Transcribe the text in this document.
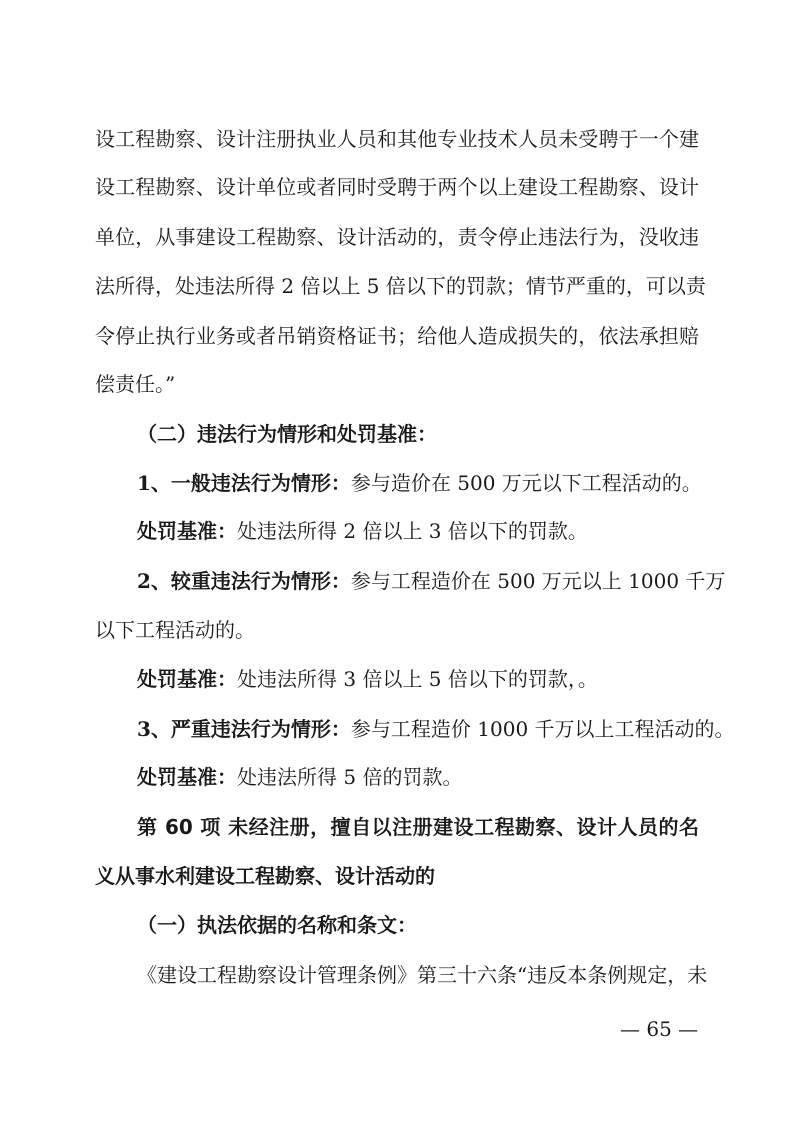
设工程勘察、设计注册执业人员和其他专业技术人员未受聘于一个建
设工程勘察、设计单位或者同时受聘于两个以上建设工程勘察、设计
单位，从事建设工程勘察、设计活动的，责令停止违法行为，没收违
法所得，处违法所得 2 倍以上 5 倍以下的罚款；情节严重的，可以责
令停止执行业务或者吊销资格证书；给他人造成损失的，依法承担赔
偿责任。”
（二）违法行为情形和处罚基准：
1、一般违法行为情形：参与造价在 500 万元以下工程活动的。
处罚基准：处违法所得 2 倍以上 3 倍以下的罚款。
2、较重违法行为情形：参与工程造价在 500 万元以上 1000 千万
以下工程活动的。
处罚基准：处违法所得 3 倍以上 5 倍以下的罚款，。
3、严重违法行为情形：参与工程造价 1000 千万以上工程活动的。
处罚基准：处违法所得 5 倍的罚款。
第 60 项 未经注册，擅自以注册建设工程勘察、设计人员的名
义从事水利建设工程勘察、设计活动的
（一）执法依据的名称和条文：
《建设工程勘察设计管理条例》第三十六条“违反本条例规定，未
— 65 —
